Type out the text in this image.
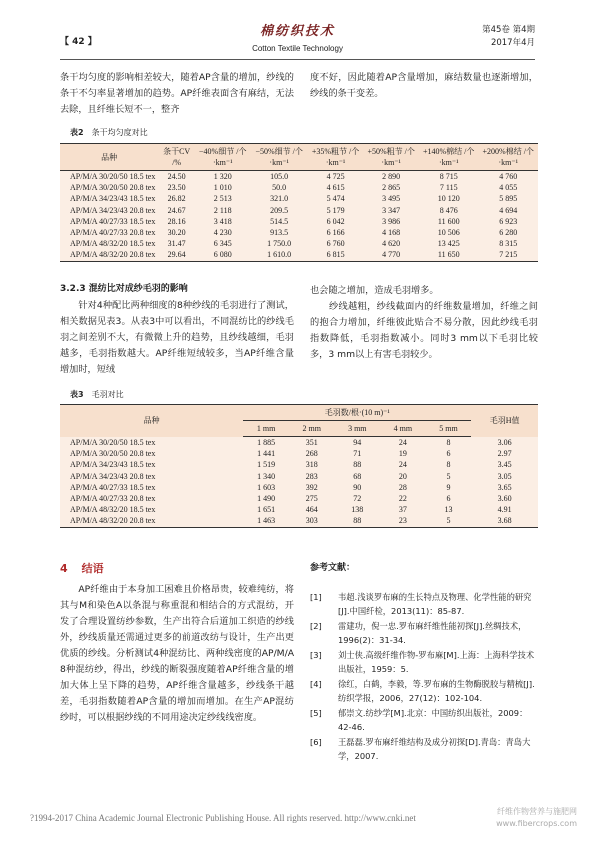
【 42 】
棉纺织技术
Cotton Textile Technology
第45卷 第4期
2017年4月

条干均匀度的影响相差较大，随着AP含量的增加，纱线的条干不匀率显著增加的趋势。AP纤维表面含有麻结，无法去除，且纤维长短不一，整齐

度不好，因此随着AP含量增加，麻结数量也逐渐增加，纱线的条干变差。

表2 条干均匀度对比
品种	条干CV /%	−40%细节 /个·km⁻¹	−50%细节 /个·km⁻¹	+35%粗节 /个·km⁻¹	+50%粗节 /个·km⁻¹	+140%棉结 /个·km⁻¹	+200%棉结 /个·km⁻¹
AP/M/A 30/20/50 18.5 tex	24.50	1 320	105.0	4 725	2 890	8 715	4 760
AP/M/A 30/20/50 20.8 tex	23.50	1 010	50.0	4 615	2 865	7 115	4 055
AP/M/A 34/23/43 18.5 tex	26.82	2 513	321.0	5 474	3 495	10 120	5 895
AP/M/A 34/23/43 20.8 tex	24.67	2 118	209.5	5 179	3 347	8 476	4 694
AP/M/A 40/27/33 18.5 tex	28.16	3 418	514.5	6 042	3 986	11 600	6 923
AP/M/A 40/27/33 20.8 tex	30.20	4 230	913.5	6 166	4 168	10 506	6 280
AP/M/A 48/32/20 18.5 tex	31.47	6 345	1 750.0	6 760	4 620	13 425	8 315
AP/M/A 48/32/20 20.8 tex	29.64	6 080	1 610.0	6 815	4 770	11 650	7 215
3.2.3 混纺比对成纱毛羽的影响

针对4种配比两种细度的8种纱线的毛羽进行了测试，相关数据见表3。从表3中可以看出，不同混纺比的纱线毛羽之间差别不大，有微微上升的趋势，且纱线越细，毛羽越多，毛羽指数越大。AP纤维短绒较多，当AP纤维含量增加时，短绒

也会随之增加，造成毛羽增多。
　　纱线越粗，纱线截面内的纤维数量增加，纤维之间的抱合力增加，纤维彼此贴合不易分散，因此纱线毛羽指数降低，毛羽指数减小。同时3 mm以下毛羽比较多，3 mm以上有害毛羽较少。

表3 毛羽对比
品种	毛羽数/根·(10 m)⁻¹					毛羽H值
	1 mm	2 mm	3 mm	4 mm	5 mm	
AP/M/A 30/20/50 18.5 tex	1 885	351	94	24	8	3.06
AP/M/A 30/20/50 20.8 tex	1 441	268	71	19	6	2.97
AP/M/A 34/23/43 18.5 tex	1 519	318	88	24	8	3.45
AP/M/A 34/23/43 20.8 tex	1 340	283	68	20	5	3.05
AP/M/A 40/27/33 18.5 tex	1 603	392	90	28	9	3.65
AP/M/A 40/27/33 20.8 tex	1 490	275	72	22	6	3.60
AP/M/A 48/32/20 18.5 tex	1 651	464	138	37	13	4.91
AP/M/A 48/32/20 20.8 tex	1 463	303	88	23	5	3.68
4 结语

AP纤维由于本身加工困难且价格昂贵，较难纯纺，将其与M和染色A以条混与称重混和相结合的方式混纺，开发了合理设置纺纱参数，生产出符合后道加工织造的纱线外，纱线质量还需通过更多的前道改纺与设计，生产出更优质的纱线。分析测试4种混纺比、两种线密度的AP/M/A 8种混纺纱，得出，纱线的断裂强度随着AP纤维含量的增加大体上呈下降的趋势，AP纤维含量越多，纱线条干越差，毛羽指数随着AP含量的增加而增加。在生产AP混纺纱时，可以根据纱线的不同用途决定纱线线密度。

参考文献：
[1] 韦超.浅谈罗布麻的生长特点及物理、化学性能的研究[J].中国纤检，2013(11)：85-87.
[2] 雷建功，倪一忠.罗布麻纤维性能初探[J].丝绸技术，1996(2)：31-34.
[3] 刘士侠.高级纤维作物-罗布麻[M].上海：上海科学技术出版社，1959：5.
[4] 徐红，白鹤，李毅，等.罗布麻的生物酶脱胶与精梳[J].纺织学报，2006，27(12)：102-104.
[5] 郁崇文.纺纱学[M].北京：中国纺织出版社，2009：42-46.
[6] 王磊磊.罗布麻纤维结构及成分初探[D].青岛：青岛大学，2007.
?1994-2017 China Academic Journal Electronic Publishing House. All rights reserved. http://www.cnki.net
纤维作物营养与施肥网
www.fibercrops.com
